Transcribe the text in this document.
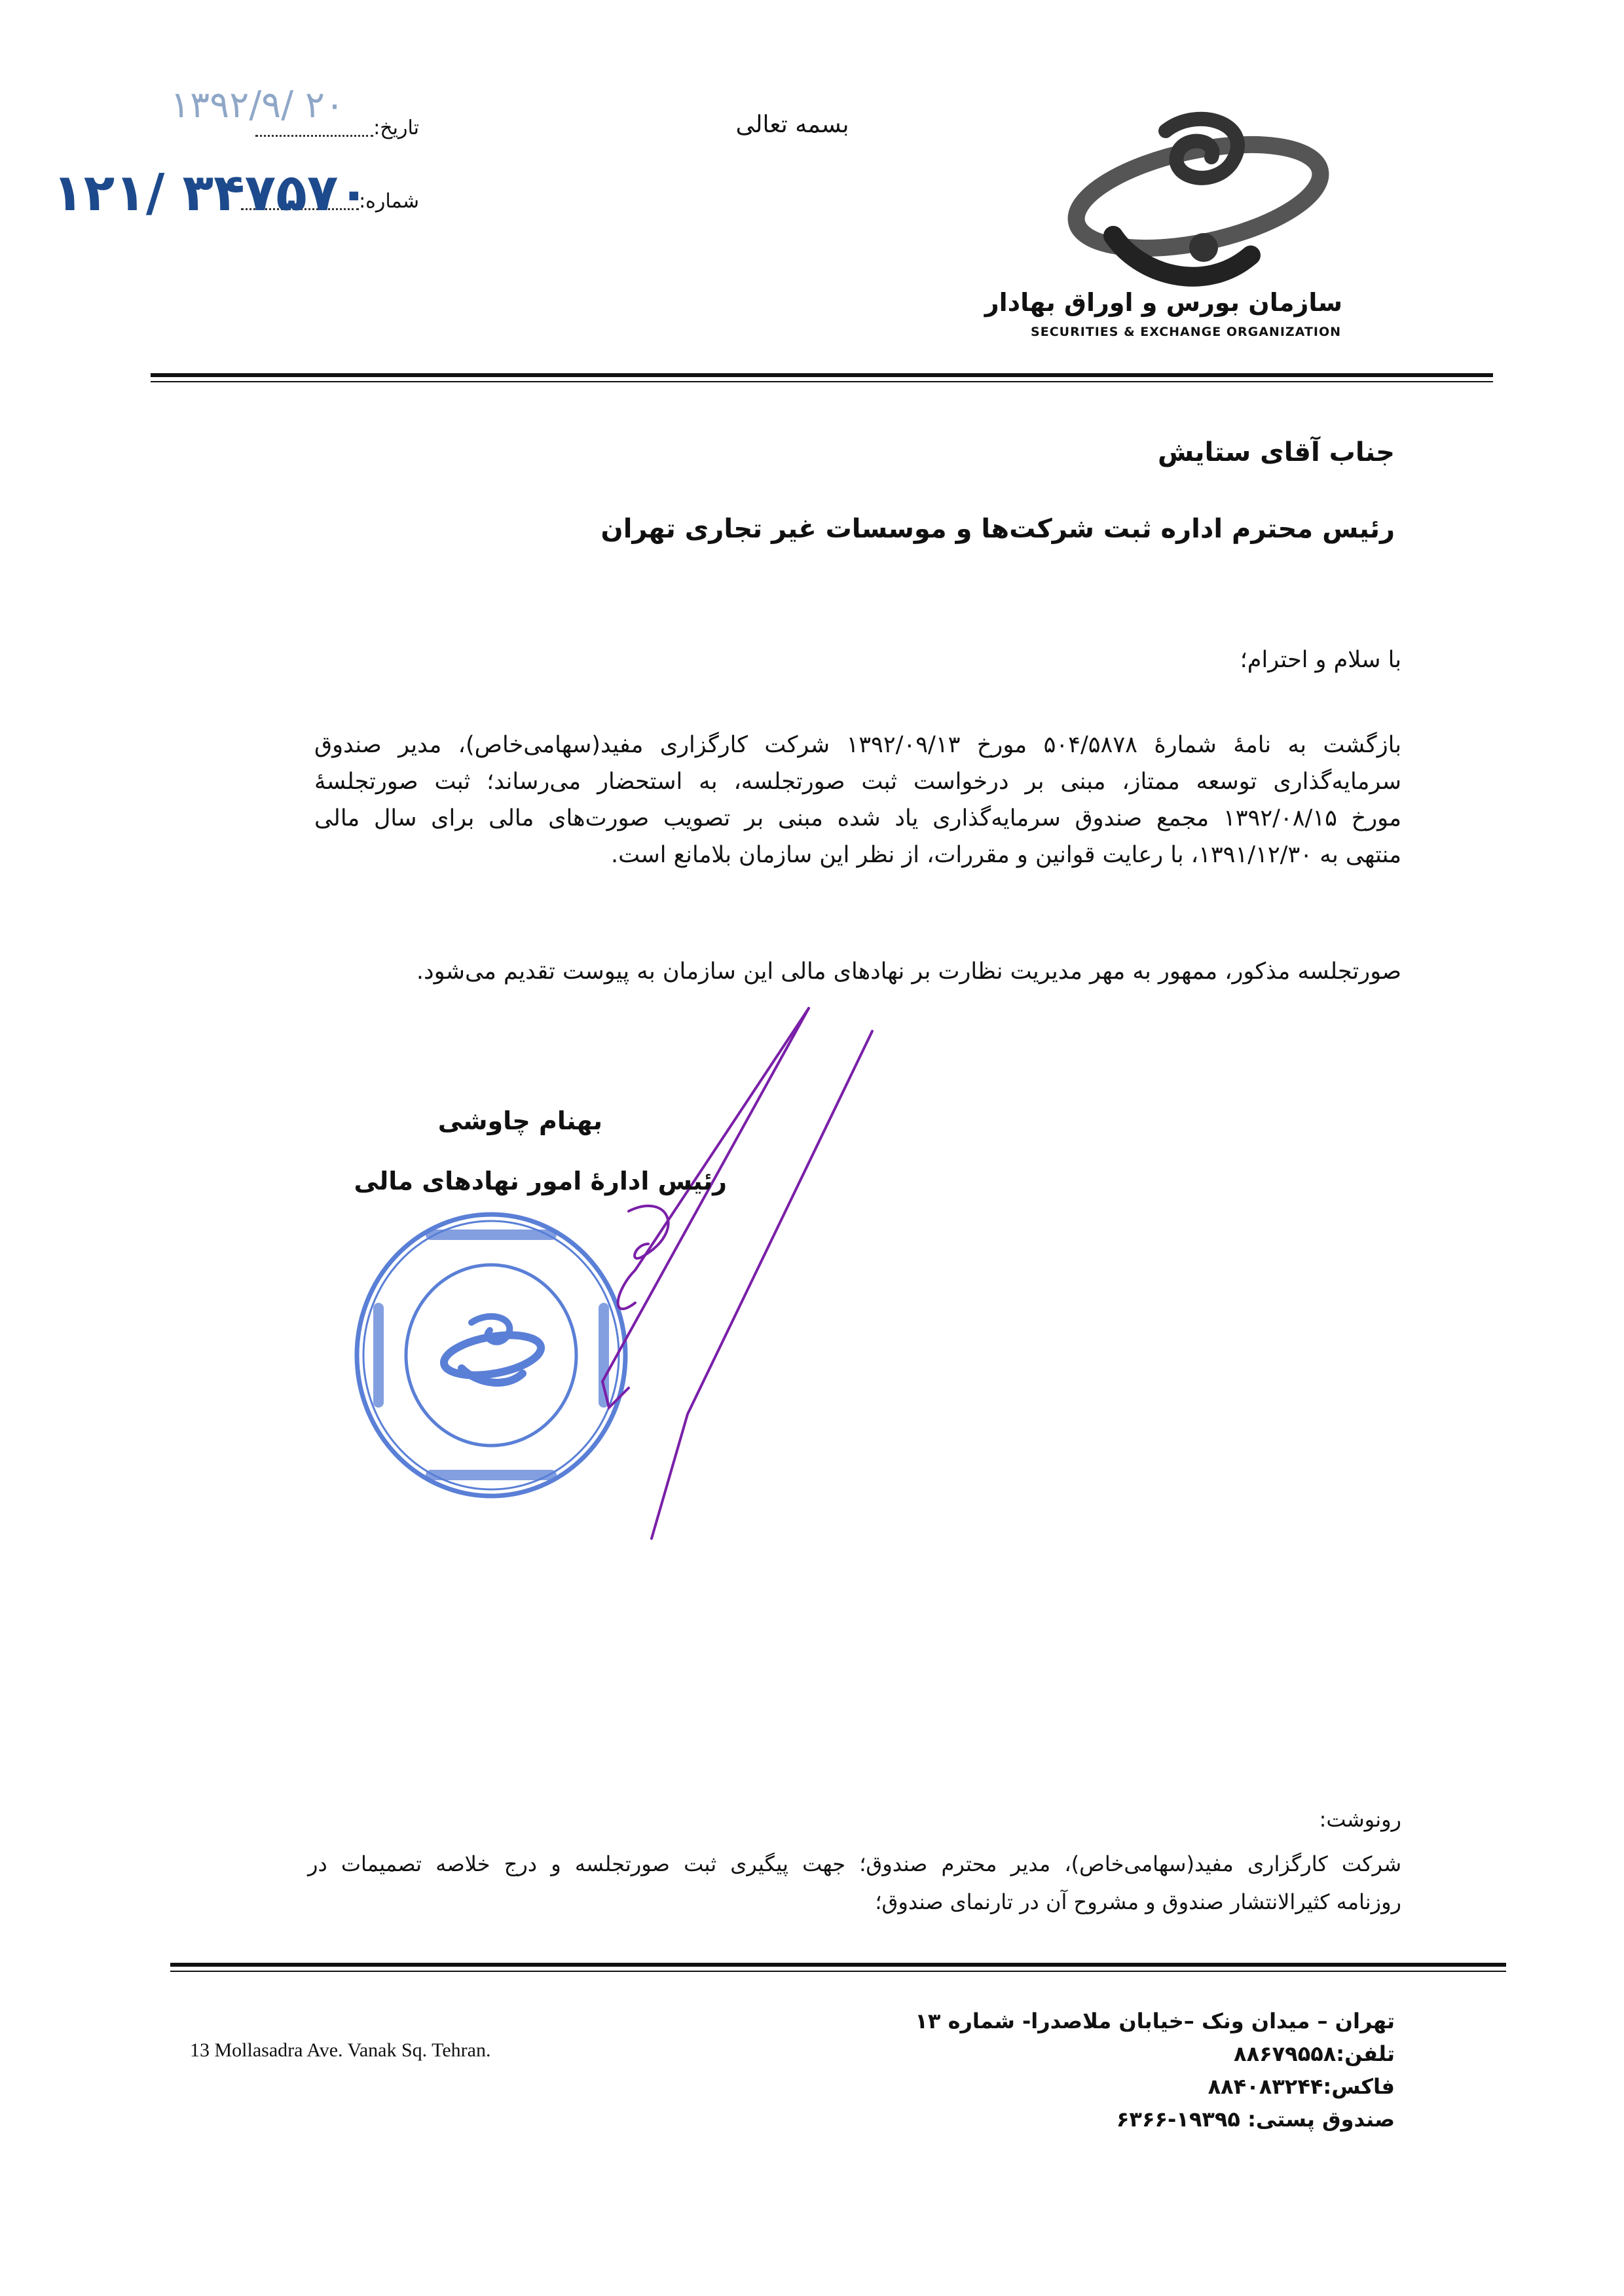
سازمان بورس و اوراق بهادار
SECURITIES & EXCHANGE ORGANIZATION
بسمه تعالی
تاریخ:
۱۳۹۲/۹/ ۲۰
شماره:
۱۲۱/ ۳۴۷۵۷۰
جناب آقای ستایش
رئیس محترم اداره ثبت شرکت‌ها و موسسات غیر تجاری تهران
با سلام و احترام؛

بازگشت به نامهٔ شمارهٔ ۵۰۴/۵۸۷۸ مورخ ۱۳۹۲/۰۹/۱۳ شرکت کارگزاری مفید(سهامی‌خاص)، مدیر صندوق

سرمایه‌گذاری توسعه ممتاز، مبنی بر درخواست ثبت صورتجلسه، به استحضار می‌رساند؛ ثبت صورتجلسهٔ

مورخ ۱۳۹۲/۰۸/۱۵ مجمع صندوق سرمایه‌گذاری یاد شده مبنی بر تصویب صورت‌های مالی برای سال مالی

منتهی به ۱۳۹۱/۱۲/۳۰، با رعایت قوانین و مقررات، از نظر این سازمان بلامانع است.

صورتجلسه مذکور، ممهور به مهر مدیریت نظارت بر نهادهای مالی این سازمان به پیوست تقدیم می‌شود.
بهنام چاوشی
رئیس ادارهٔ امور نهادهای مالی
رونوشت:

شرکت کارگزاری مفید(سهامی‌خاص)، مدیر محترم صندوق؛ جهت پیگیری ثبت صورتجلسه و درج خلاصه تصمیمات در

روزنامه کثیرالانتشار صندوق و مشروح آن در تارنمای صندوق؛

13 Mollasadra Ave. Vanak Sq. Tehran.
تهران – میدان ونک –خیابان ملاصدرا- شماره ۱۳
تلفن:۸۸۶۷۹۵۵۸
فاکس:۸۸۴۰۸۳۲۴۴
صندوق پستی: ۱۹۳۹۵-۶۳۶۶
